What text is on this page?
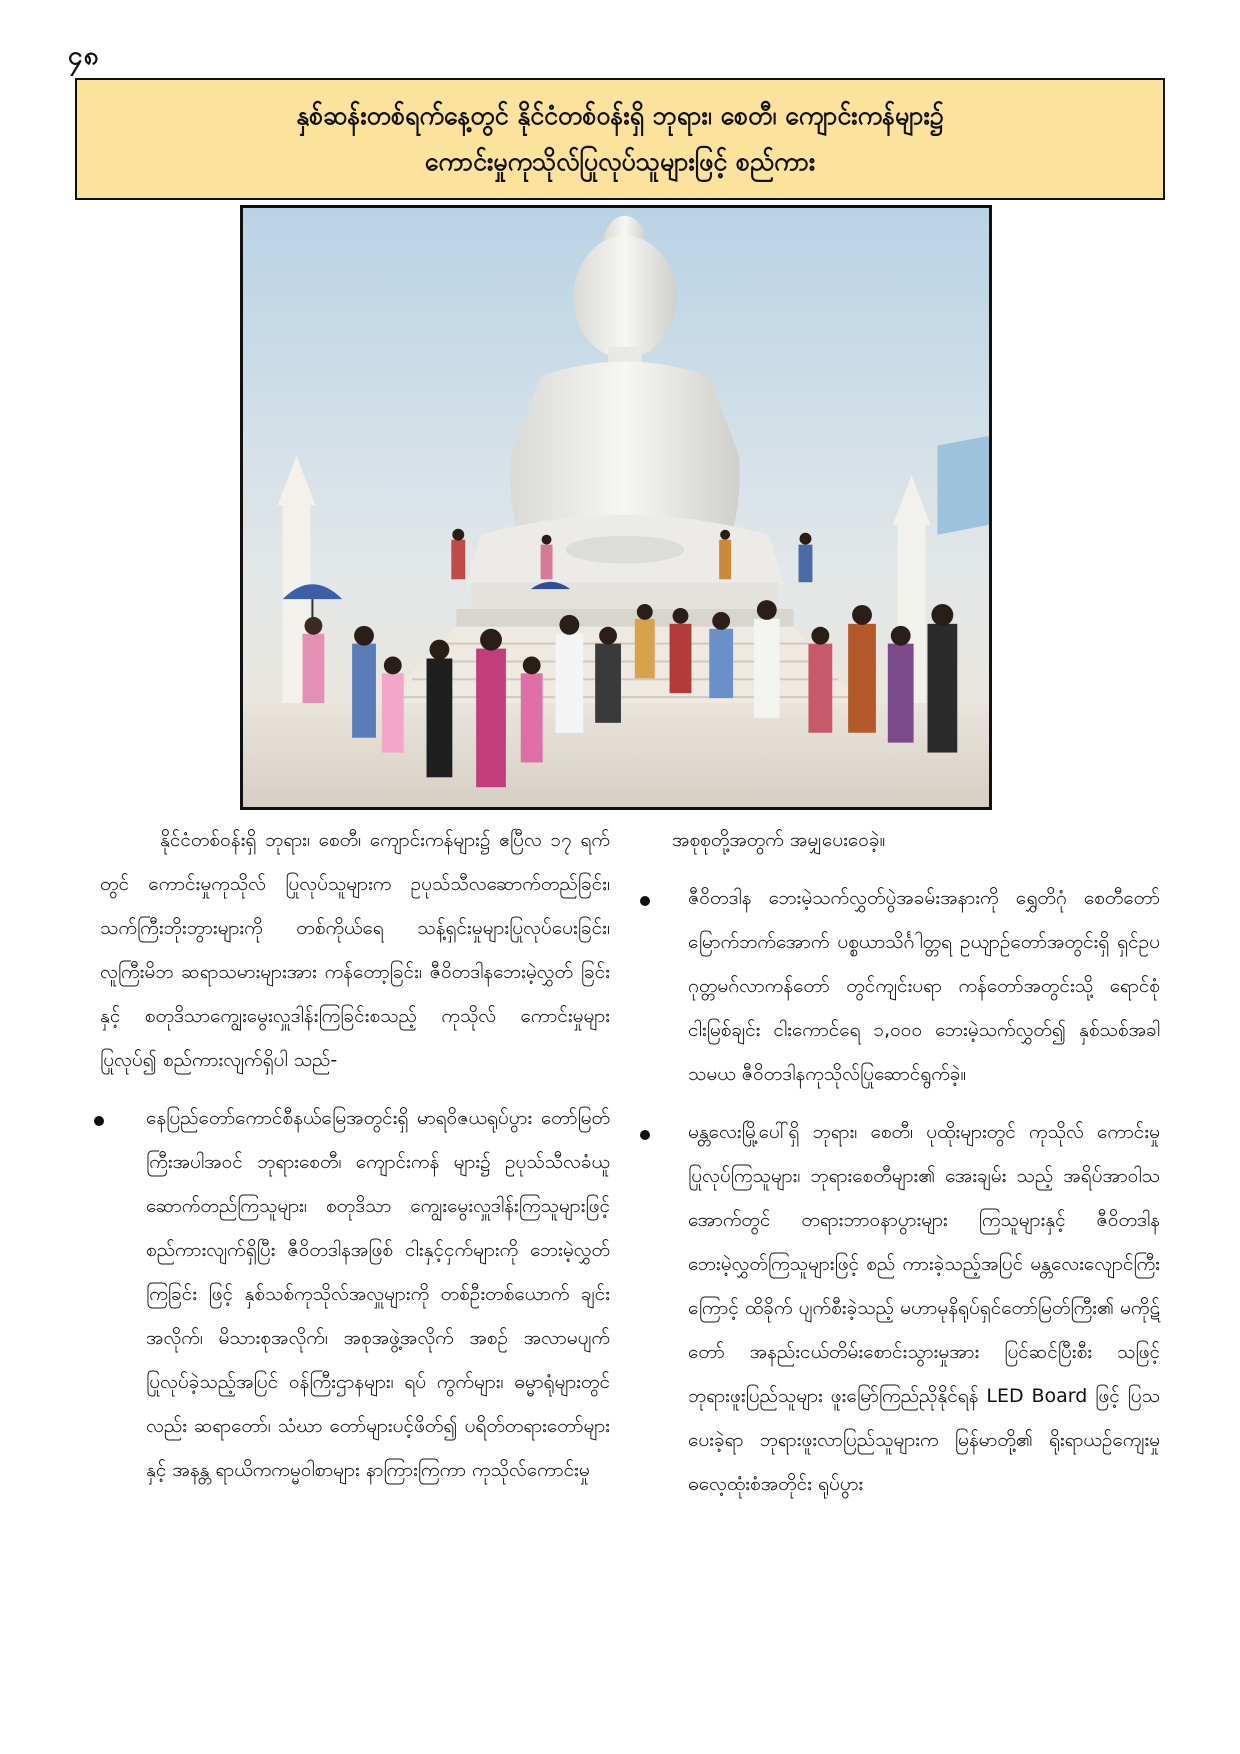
၄၈
နှစ်ဆန်းတစ်ရက်နေ့တွင် နိုင်ငံတစ်ဝန်းရှိ ဘုရား၊ စေတီ၊ ကျောင်းကန်များ၌
ကောင်းမှုကုသိုလ်ပြုလုပ်သူများဖြင့် စည်ကား

နိုင်ငံတစ်ဝန်းရှိ ဘုရား၊ စေတီ၊ ကျောင်းကန်များ၌ ဧပြီလ ၁၇ ရက်တွင် ကောင်းမှုကုသိုလ် ပြုလုပ်သူများက ဥပုသ်သီလဆောက်တည်ခြင်း၊ သက်ကြီးဘိုးဘွားများကို တစ်ကိုယ်ရေ သန့်ရှင်းမှုများပြုလုပ်ပေးခြင်း၊ လူကြီးမိဘ ဆရာသမားများအား ကန်တော့ခြင်း၊ ဇီဝိတဒါနဘေးမဲ့လွှတ် ခြင်းနှင့် စတုဒိသာကျွေးမွေးလှူဒါန်းကြခြင်းစသည့် ကုသိုလ် ကောင်းမှုများပြုလုပ်၍ စည်ကားလျက်ရှိပါ သည်-

နေပြည်တော်ကောင်စီနယ်မြေအတွင်းရှိ မာရဝိဇယရုပ်ပွား တော်မြတ်ကြီးအပါအဝင် ဘုရားစေတီ၊ ကျောင်းကန် များ၌ ဥပုသ်သီလခံယူဆောက်တည်ကြသူများ၊ စတုဒိသာ ကျွေးမွေးလှူဒါန်းကြသူများဖြင့် စည်ကားလျက်ရှိပြီး ဇီဝိတဒါနအဖြစ် ငါးနှင့်ငှက်များကို ဘေးမဲ့လွှတ်ကြခြင်း ဖြင့် နှစ်သစ်ကုသိုလ်အလှူများကို တစ်ဦးတစ်ယောက် ချင်းအလိုက်၊ မိသားစုအလိုက်၊ အစုအဖွဲ့အလိုက် အစဉ် အလာမပျက်ပြုလုပ်ခဲ့သည့်အပြင် ဝန်ကြီးဌာနများ၊ ရပ် ကွက်များ၊ ဓမ္မာရုံများတွင်လည်း ဆရာတော်၊ သံဃာ တော်များပင့်ဖိတ်၍ ပရိတ်တရားတော်များနှင့် အနန္တ ရာယိကကမ္မဝါစာများ နာကြားကြကာ ကုသိုလ်ကောင်းမှု

အစုစုတို့အတွက် အမျှပေးဝေခဲ့။

ဇီဝိတဒါန ဘေးမဲ့သက်လွှတ်ပွဲအခမ်းအနားကို ရွှေတိဂုံ စေတီတော် မြောက်ဘက်အောက် ပစ္စယာသိင်္ဂါတ္တရ ဥယျာဉ်တော်အတွင်းရှိ ရှင်ဥပဂုတ္တမဂ်လာကန်တော် တွင်ကျင်းပရာ ကန်တော်အတွင်းသို့ ရောင်စုံငါးမြစ်ချင်း ငါးကောင်ရေ ၁,၀၀၀ ဘေးမဲ့သက်လွှတ်၍ နှစ်သစ်အခါ သမယ ဇီဝိတဒါနကုသိုလ်ပြုဆောင်ရွက်ခဲ့။
မန္တလေးမြို့ပေါ်ရှိ ဘုရား၊ စေတီ၊ ပုထိုးများတွင် ကုသိုလ် ကောင်းမှုပြုလုပ်ကြသူများ၊ ဘုရားစေတီများ၏ အေးချမ်း သည့် အရိပ်အာဝါသအောက်တွင် တရားဘာဝနာပွားများ ကြသူများနှင့် ဇီဝိတဒါနဘေးမဲ့လွှတ်ကြသူများဖြင့် စည် ကားခဲ့သည့်အပြင် မန္တလေးလျောင်ကြီးကြောင့် ထိခိုက် ပျက်စီးခဲ့သည့် မဟာမုနိရုပ်ရှင်တော်မြတ်ကြီး၏ မကိုဋ် တော် အနည်းငယ်တိမ်းစောင်းသွားမှုအား ပြင်ဆင်ပြီးစီး သဖြင့် ဘုရားဖူးပြည်သူများ ဖူးမြော်ကြည်ညိုနိုင်ရန် LED Board ဖြင့် ပြသပေးခဲ့ရာ ဘုရားဖူးလာပြည်သူများက မြန်မာတို့၏ ရိုးရာယဉ်ကျေးမှုဓလေ့ထုံးစံအတိုင်း ရုပ်ပွား
